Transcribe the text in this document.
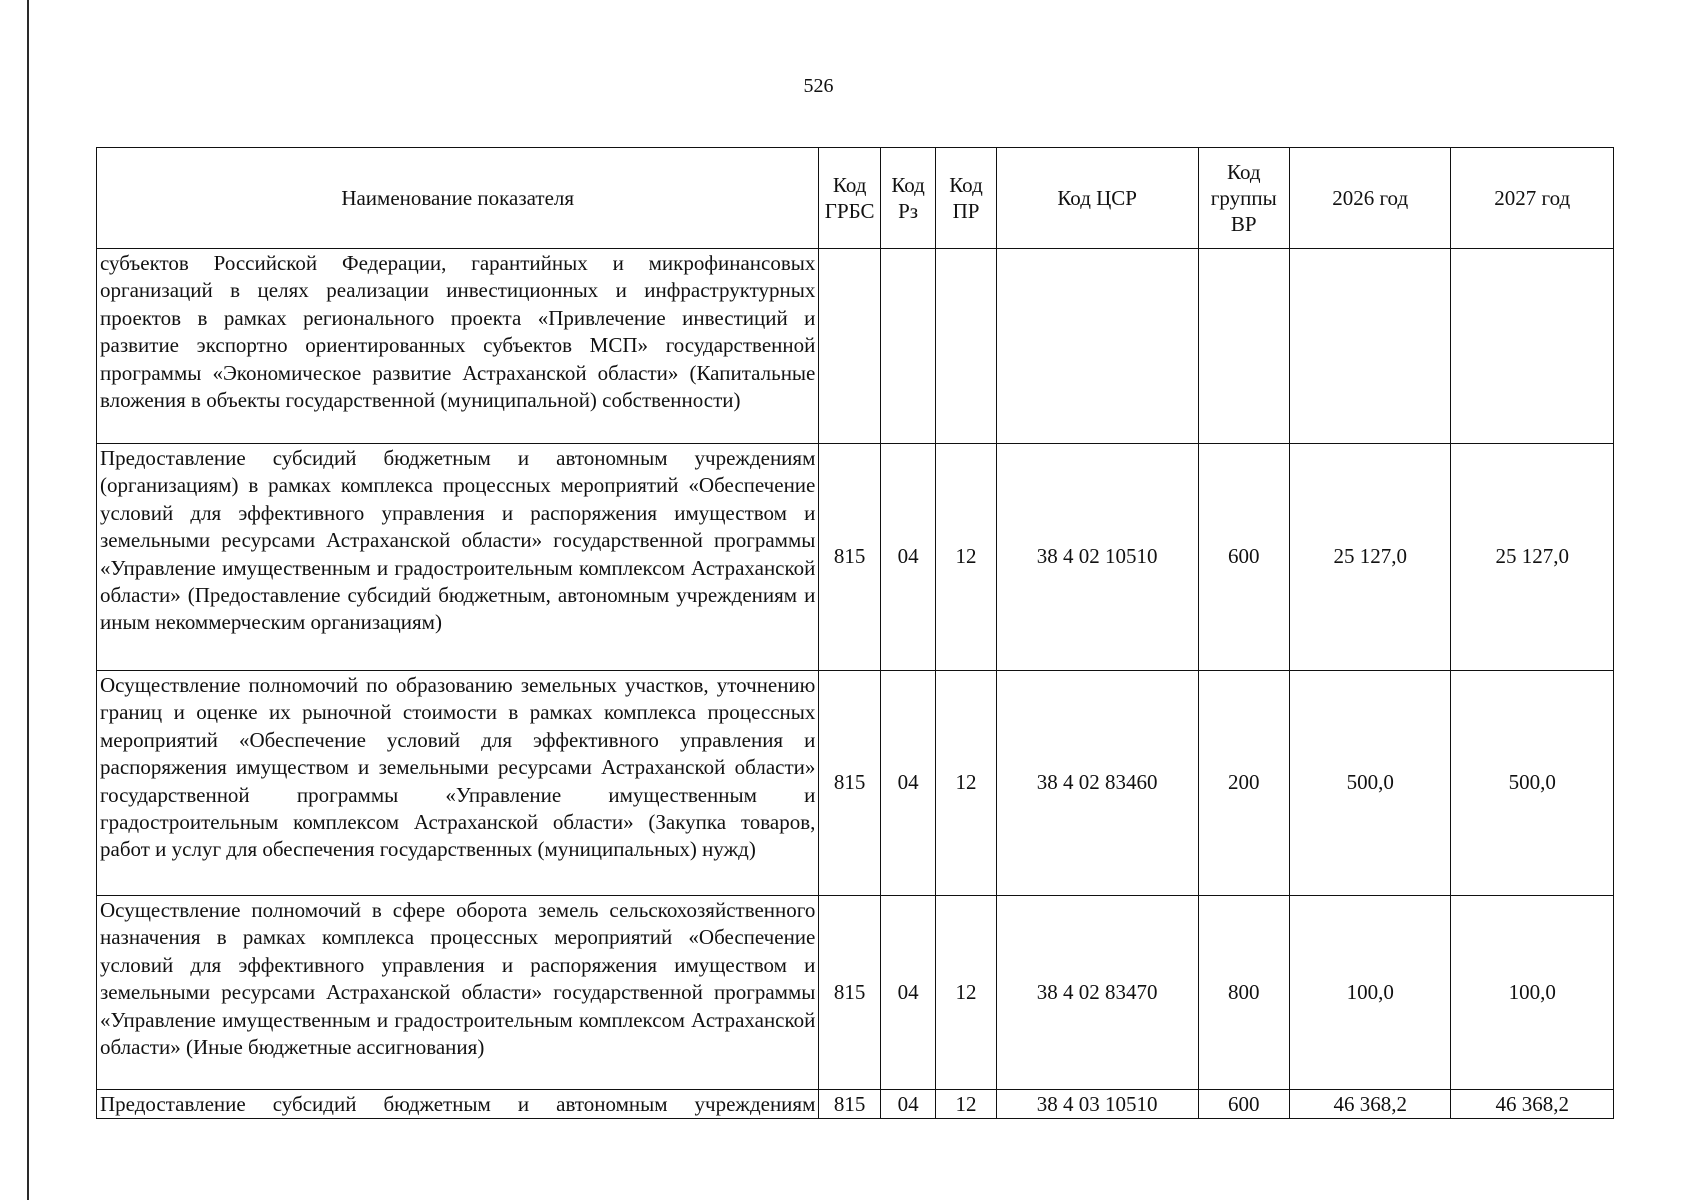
526
Наименование показателя	Код ГРБС	Код Рз	Код ПР	Код ЦСР	Код группы ВР	2026 год	2027 год
субъектов Российской Федерации, гарантийных и микрофинансовых организаций в целях реализации инвестиционных и инфраструктурных проектов в рамках регионального проекта «Привлечение инвестиций и развитие экспортно ориентированных субъектов МСП» государственной программы «Экономическое развитие Астраханской области» (Капитальные вложения в объекты государственной (муниципальной) собственности)							
Предоставление субсидий бюджетным и автономным учреждениям (организациям) в рамках комплекса процессных мероприятий «Обеспечение условий для эффективного управления и распоряжения имуществом и земельными ресурсами Астраханской области» государственной программы «Управление имущественным и градостроительным комплексом Астраханской области» (Предоставление субсидий бюджетным, автономным учреждениям и иным некоммерческим организациям)	815	04	12	38 4 02 10510	600	25 127,0	25 127,0
Осуществление полномочий по образованию земельных участков, уточнению границ и оценке их рыночной стоимости в рамках комплекса процессных мероприятий «Обеспечение условий для эффективного управления и распоряжения имуществом и земельными ресурсами Астраханской области» государственной программы «Управление имущественным и градостроительным комплексом Астраханской области» (Закупка товаров, работ и услуг для обеспечения государственных (муниципальных) нужд)	815	04	12	38 4 02 83460	200	500,0	500,0
Осуществление полномочий в сфере оборота земель сельскохозяйственного назначения в рамках комплекса процессных мероприятий «Обеспечение условий для эффективного управления и распоряжения имуществом и земельными ресурсами Астраханской области» государственной программы «Управление имущественным и градостроительным комплексом Астраханской области» (Иные бюджетные ассигнования)	815	04	12	38 4 02 83470	800	100,0	100,0
Предоставление субсидий бюджетным и автономным учреждениям	815	04	12	38 4 03 10510	600	46 368,2	46 368,2
